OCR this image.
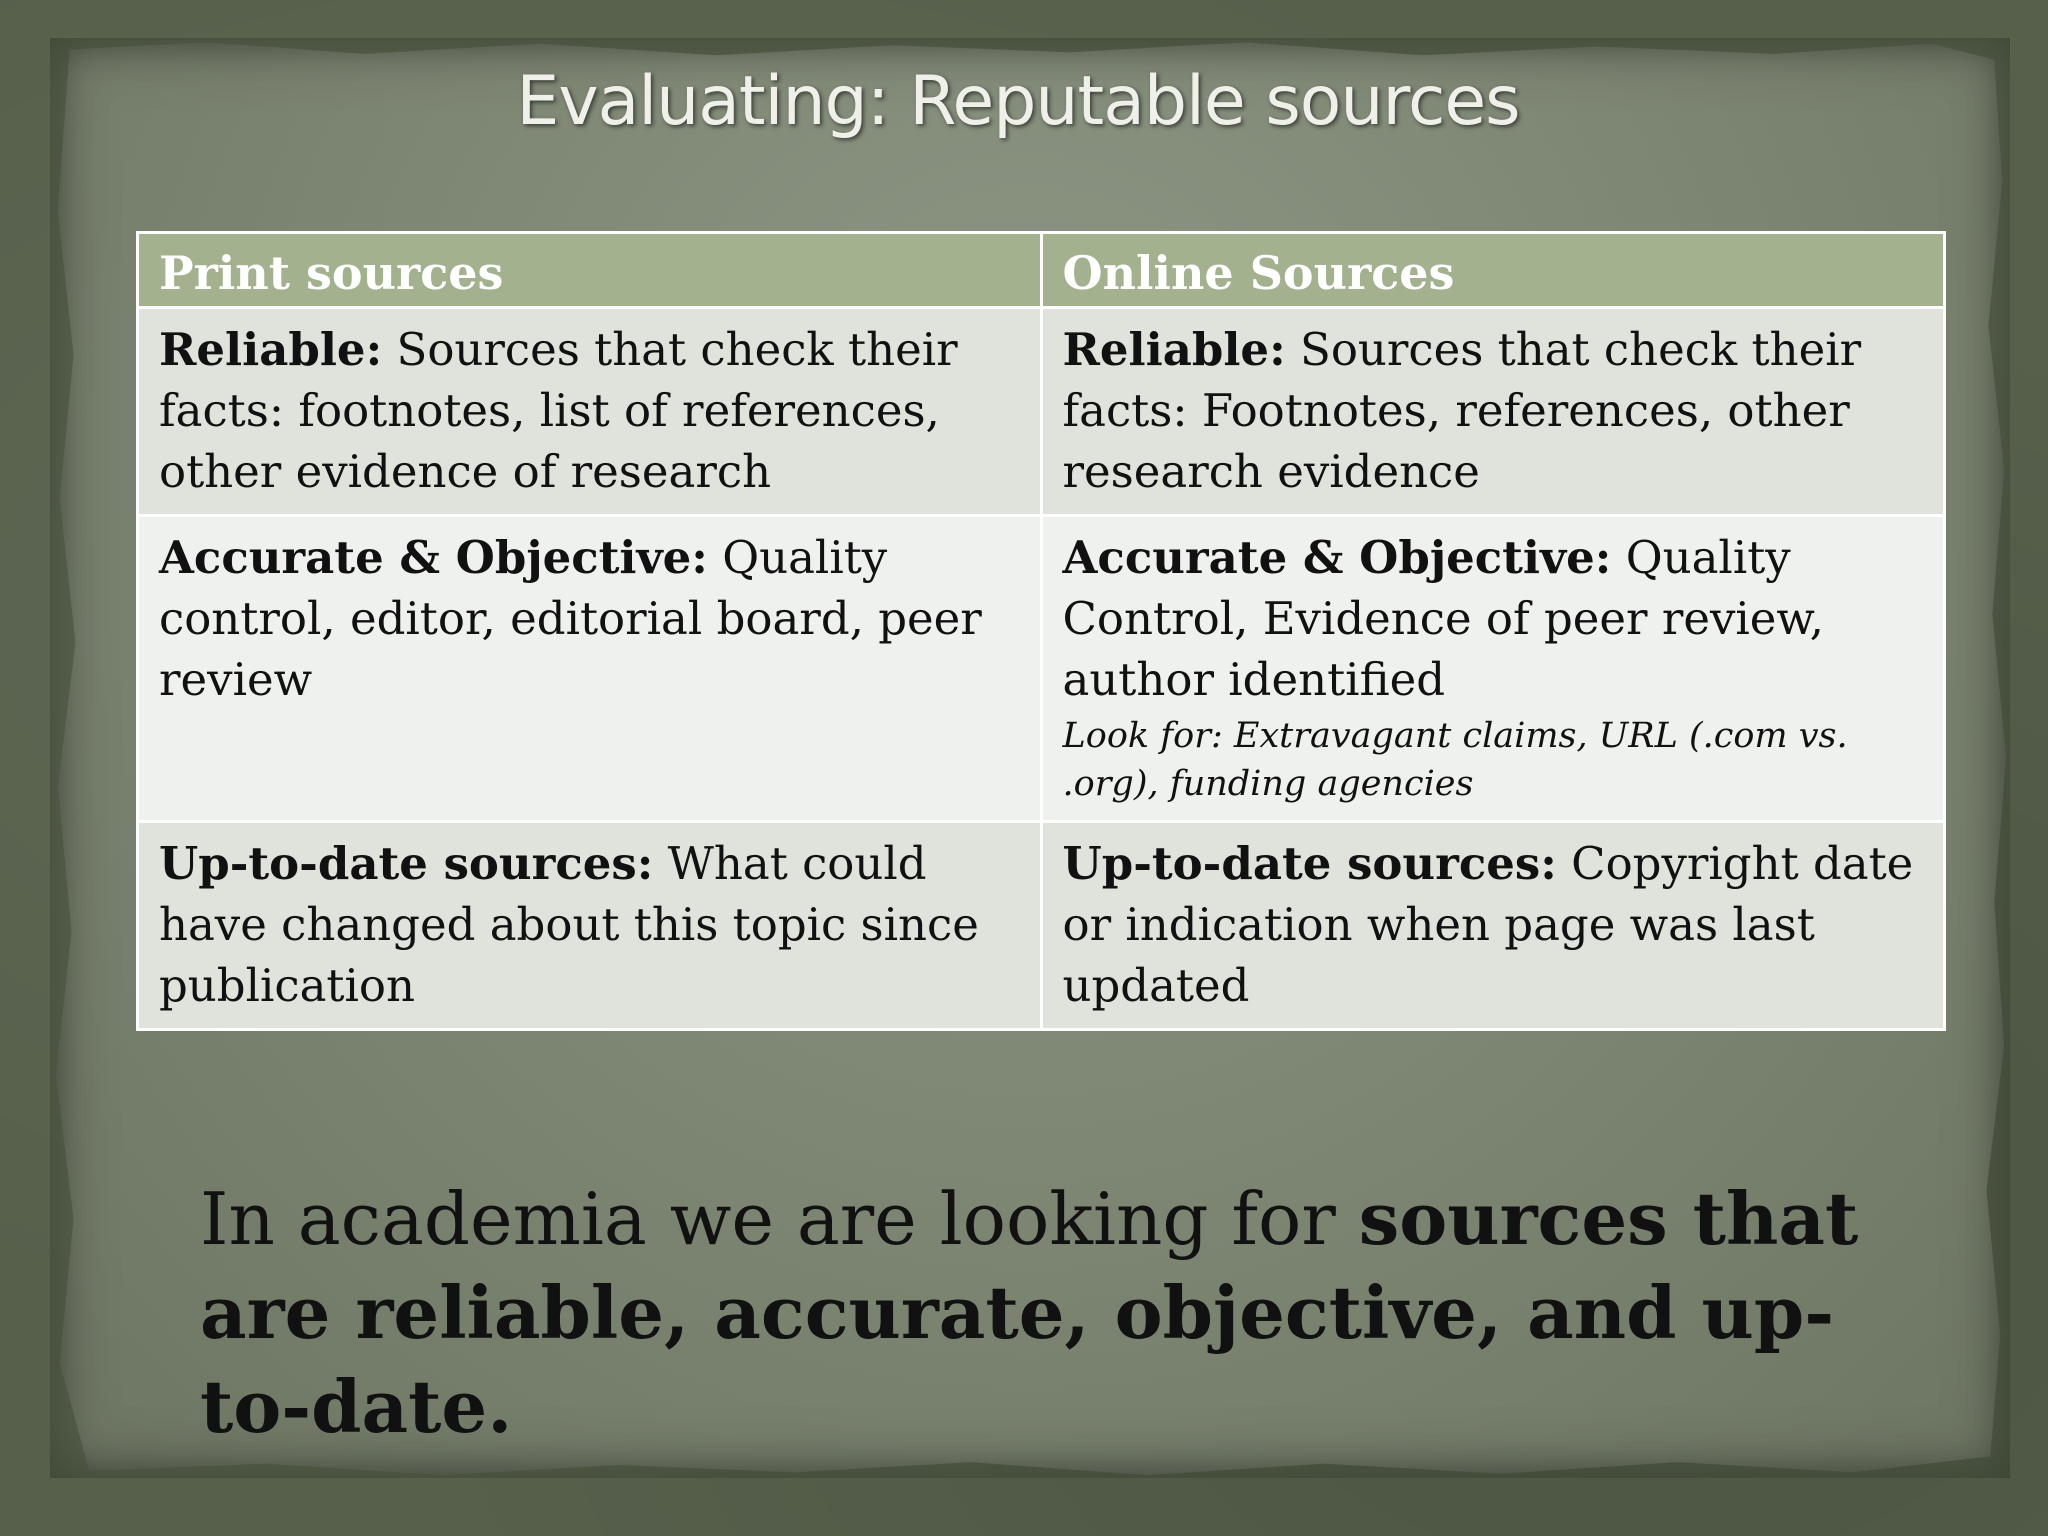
Evaluating: Reputable sources
Print sources	Online Sources
Reliable: Sources that check their facts: footnotes, list of references, other evidence of research	Reliable: Sources that check their facts: Footnotes, references, other research evidence
Accurate & Objective: Quality control, editor, editorial board, peer review	Accurate & Objective: Quality Control, Evidence of peer review, author identified
Look for: Extravagant claims, URL (.com vs. .org), funding agencies

Up-to-date sources: What could have changed about this topic since publication	Up-to-date sources: Copyright date or indication when page was last updated
In academia we are looking for sources that are reliable, accurate, objective, and up-to-date.
